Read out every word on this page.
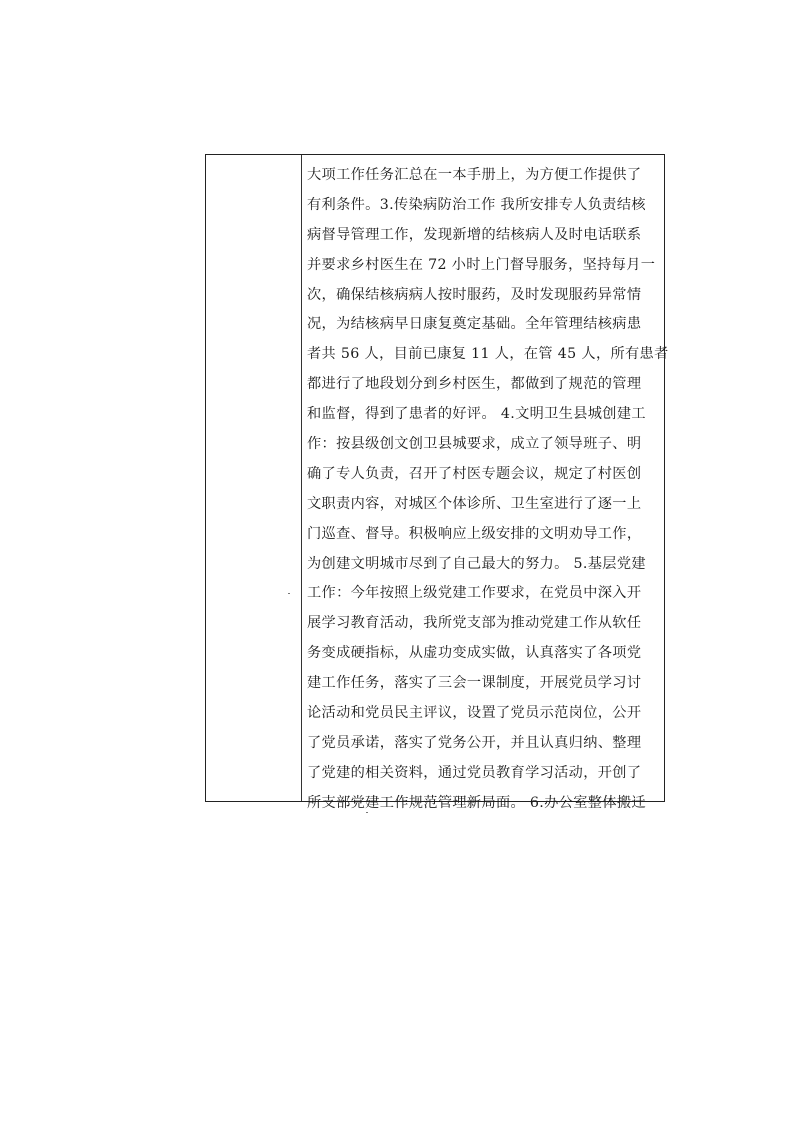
大项工作任务汇总在一本手册上，为方便工作提供了
有利条件。3.传染病防治工作 我所安排专人负责结核
病督导管理工作，发现新增的结核病人及时电话联系
并要求乡村医生在 72 小时上门督导服务，坚持每月一
次，确保结核病病人按时服药，及时发现服药异常情
况，为结核病早日康复奠定基础。全年管理结核病患
者共 56 人，目前已康复 11 人，在管 45 人，所有患者
都进行了地段划分到乡村医生，都做到了规范的管理
和监督，得到了患者的好评。 4.文明卫生县城创建工
作：按县级创文创卫县城要求，成立了领导班子、明
确了专人负责，召开了村医专题会议，规定了村医创
文职责内容，对城区个体诊所、卫生室进行了逐一上
门巡查、督导。积极响应上级安排的文明劝导工作，
为创建文明城市尽到了自己最大的努力。 5.基层党建
工作：今年按照上级党建工作要求，在党员中深入开
展学习教育活动，我所党支部为推动党建工作从软任
务变成硬指标，从虚功变成实做，认真落实了各项党
建工作任务，落实了三会一课制度，开展党员学习讨
论活动和党员民主评议，设置了党员示范岗位，公开
了党员承诺，落实了党务公开，并且认真归纳、整理
了党建的相关资料，通过党员教育学习活动，开创了
所支部党建工作规范管理新局面。 6.办公室整体搬迁
